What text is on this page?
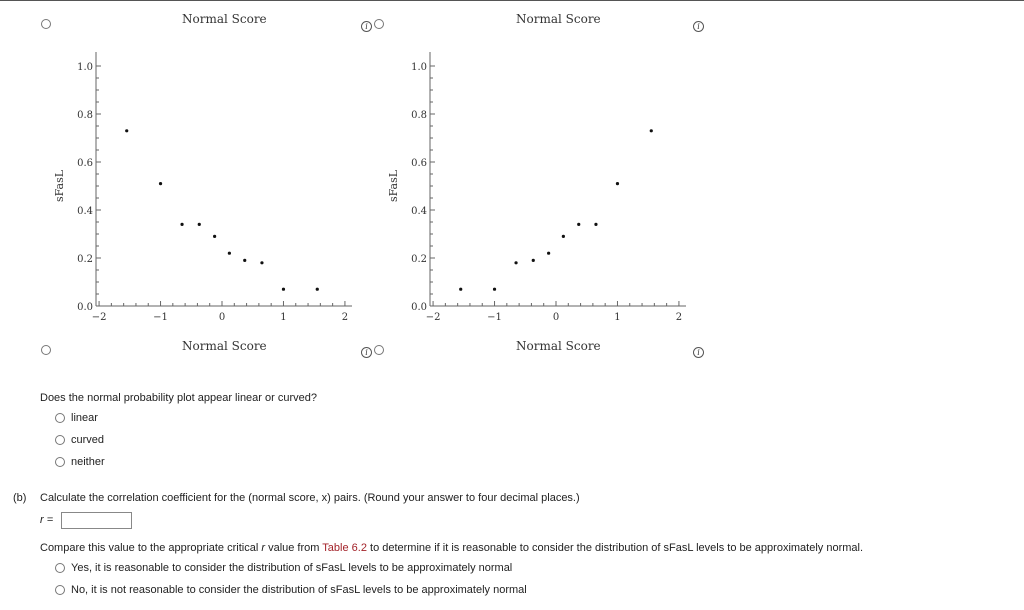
i	i
i	i
Normal Score	Normal Score
Normal Score	Normal Score
0.0
0.2
0.4
0.6
0.8
1.0
−2	−1	0	1	2
sFasL
0.0
0.2
0.4
0.6
0.8
1.0
−2	−1	0	1	2
sFasL
Does the normal probability plot appear linear or curved?
linear
curved
neither
(b) Calculate the correlation coefficient for the (normal score, x) pairs. (Round your answer to four decimal places.)
r =
Compare this value to the appropriate critical r value from Table 6.2 to determine if it is reasonable to consider the distribution of sFasL levels to be approximately normal.
Yes, it is reasonable to consider the distribution of sFasL levels to be approximately normal
No, it is not reasonable to consider the distribution of sFasL levels to be approximately normal
